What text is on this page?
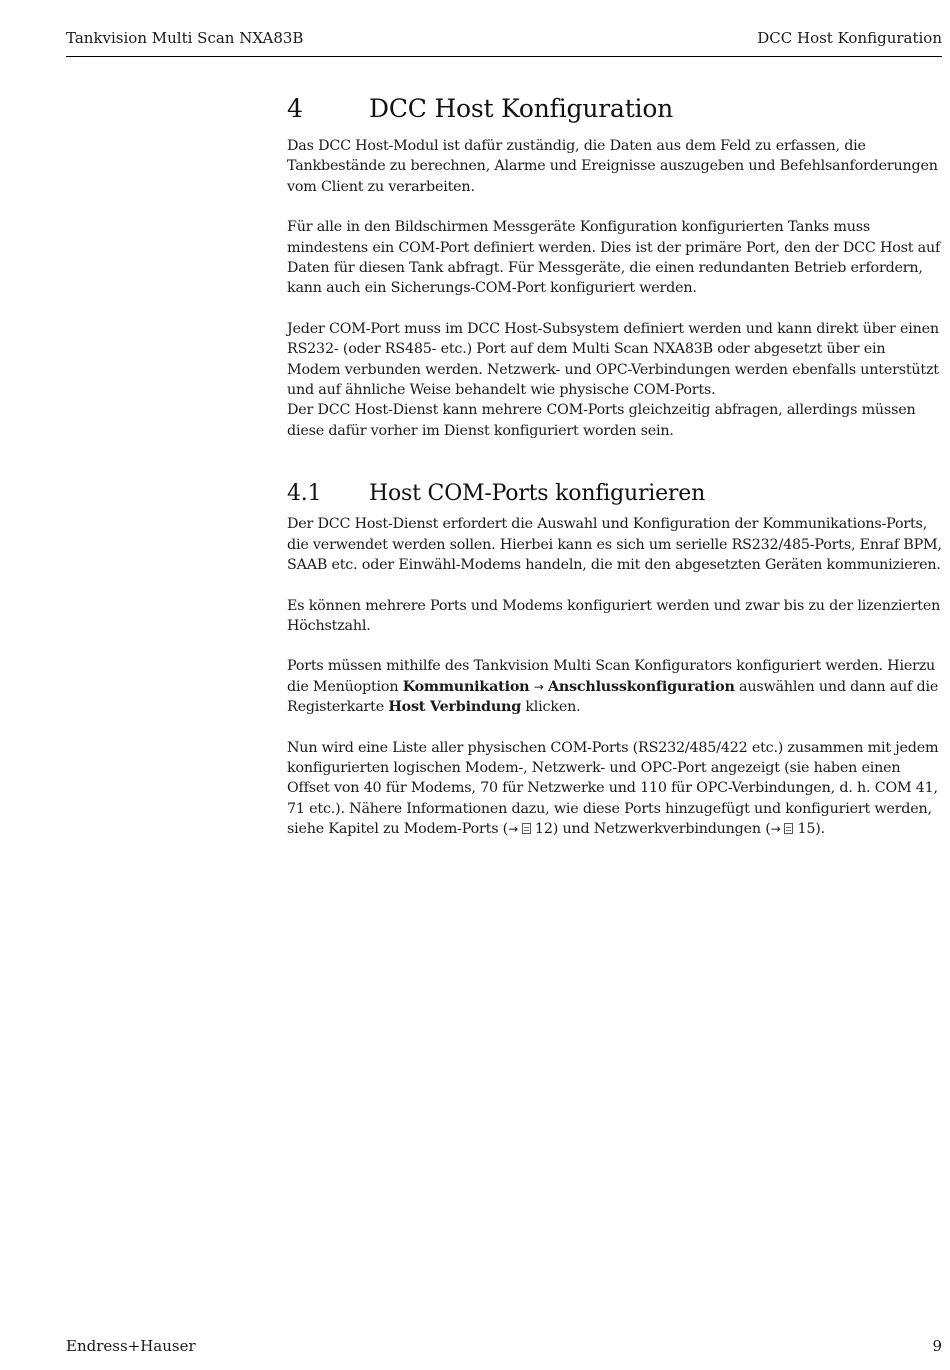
Tankvision Multi Scan NXA83B	DCC Host Konfiguration
4	DCC Host Konfiguration

Das DCC Host-Modul ist dafür zuständig, die Daten aus dem Feld zu erfassen, die Tankbestände zu berechnen, Alarme und Ereignisse auszugeben und Befehlsanforderungen vom Client zu verarbeiten.

Für alle in den Bildschirmen Messgeräte Konfiguration konfigurierten Tanks muss mindestens ein COM-Port definiert werden. Dies ist der primäre Port, den der DCC Host auf Daten für diesen Tank abfragt. Für Messgeräte, die einen redundanten Betrieb erfordern, kann auch ein Sicherungs-COM-Port konfiguriert werden.

Jeder COM-Port muss im DCC Host-Subsystem definiert werden und kann direkt über einen RS232- (oder RS485- etc.) Port auf dem Multi Scan NXA83B oder abgesetzt über ein Modem verbunden werden. Netzwerk- und OPC-Verbindungen werden ebenfalls unterstützt und auf ähnliche Weise behandelt wie physische COM-Ports.

Der DCC Host-Dienst kann mehrere COM-Ports gleichzeitig abfragen, allerdings müssen diese dafür vorher im Dienst konfiguriert worden sein.

4.1	Host COM-Ports konfigurieren

Der DCC Host-Dienst erfordert die Auswahl und Konfiguration der Kommunikations-Ports, die verwendet werden sollen. Hierbei kann es sich um serielle RS232/485-Ports, Enraf BPM, SAAB etc. oder Einwähl-Modems handeln, die mit den abgesetzten Geräten kommunizieren.

Es können mehrere Ports und Modems konfiguriert werden und zwar bis zu der lizenzierten Höchstzahl.

Ports müssen mithilfe des Tankvision Multi Scan Konfigurators konfiguriert werden. Hierzu die Menüoption Kommunikation → Anschlusskonfiguration auswählen und dann auf die Registerkarte Host Verbindung klicken.

Nun wird eine Liste aller physischen COM-Ports (RS232/485/422 etc.) zusammen mit jedem konfigurierten logischen Modem-, Netzwerk- und OPC-Port angezeigt (sie haben einen Offset von 40 für Modems, 70 für Netzwerke und 110 für OPC-Verbindungen, d. h. COM 41, 71 etc.). Nähere Informationen dazu, wie diese Ports hinzugefügt und konfiguriert werden, siehe Kapitel zu Modem-Ports (→ 12) und Netzwerkverbindungen (→ 15).

Endress+Hauser	9
